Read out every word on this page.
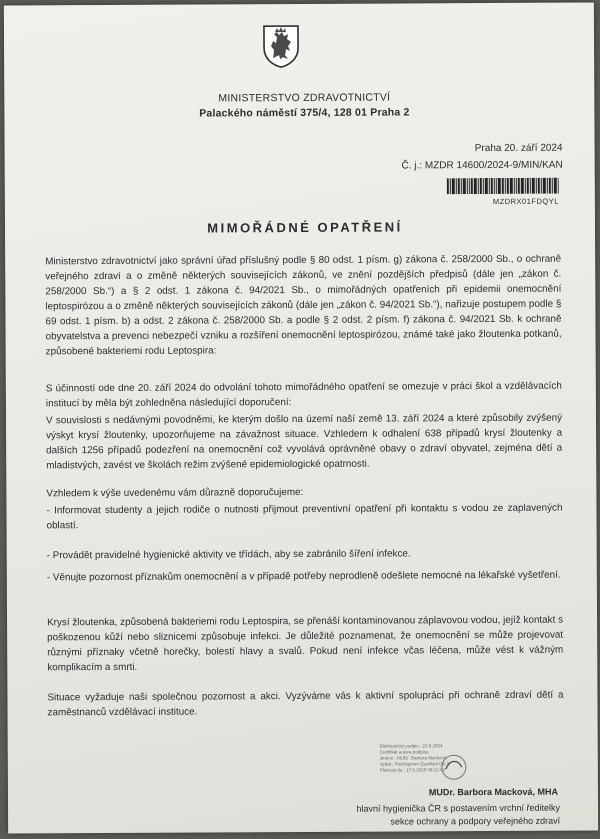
MINISTERSTVO ZDRAVOTNICTVÍ
Palackého náměstí 375/4, 128 01 Praha 2
Praha 20. září 2024
Č. j.: MZDR 14600/2024-9/MIN/KAN
MZDRX01FDQYL
MIMOŘÁDNÉ OPATŘENÍ

Ministerstvo zdravotnictví jako správní úřad příslušný podle § 80 odst. 1 písm. g) zákona č. 258/2000 Sb., o ochraně veřejného zdraví a o změně některých souvisejících zákonů, ve znění pozdějších předpisů (dále jen „zákon č. 258/2000 Sb.“) a § 2 odst. 1 zákona č. 94/2021 Sb., o mimořádných opatřeních při epidemii onemocnění leptospirózou a o změně některých souvisejících zákonů (dále jen „zákon č. 94/2021 Sb.“), nařizuje postupem podle § 69 odst. 1 písm. b) a odst. 2 zákona č. 258/2000 Sb. a podle § 2 odst. 2 písm. f) zákona č. 94/2021 Sb. k ochraně obyvatelstva a prevenci nebezpečí vzniku a rozšíření onemocnění leptospirózou, známé také jako žloutenka potkanů, způsobené bakteriemi rodu Leptospira:

S účinností ode dne 20. září 2024 do odvolání tohoto mimořádného opatření se omezuje v práci škol a vzdělávacích institucí by měla být zohledněna následující doporučení:

V souvislosti s nedávnými povodněmi, ke kterým došlo na území naší země 13. září 2024 a které způsobily zvýšený výskyt krysí žloutenky, upozorňujeme na závažnost situace. Vzhledem k odhalení 638 případů krysí žloutenky a dalších 1256 případů podezření na onemocnění což vyvolává oprávněné obavy o zdraví obyvatel, zejména dětí a mladistvých, zavést ve školách režim zvýšené epidemiologické opatrnosti.

Vzhledem k výše uvedenému vám důrazně doporučujeme:

- Informovat studenty a jejich rodiče o nutnosti přijmout preventivní opatření při kontaktu s vodou ze zaplavených oblastí.

- Provádět pravidelné hygienické aktivity ve třídách, aby se zabránilo šíření infekce.

- Věnujte pozornost příznakům onemocnění a v případě potřeby neprodleně odešlete nemocné na lékařské vyšetření.

Krysí žloutenka, způsobená bakteriemi rodu Leptospira, se přenáší kontaminovanou záplavovou vodou, jejíž kontakt s poškozenou kůží nebo sliznicemi způsobuje infekci. Je důležité poznamenat, že onemocnění se může projevovat různými příznaky včetně horečky, bolestí hlavy a svalů. Pokud není infekce včas léčena, může vést k vážným komplikacím a smrti.

Situace vyžaduje naši společnou pozornost a akci. Vyzýváme vás k aktivní spolupráci při ochraně zdraví dětí a zaměstnanců vzdělávací instituce.

Elektronický podpis - 20.9.2024
Certifikát autora podpisu :
Jméno : MUDr. Barbora Macková
Vydal : PostSignum Qualified CA 4
Platnost do : 17.6.2025 09:12:03
MUDr. Barbora Macková, MHA
hlavní hygienička ČR s postavením vrchní ředitelky
sekce ochrany a podpory veřejného zdraví
